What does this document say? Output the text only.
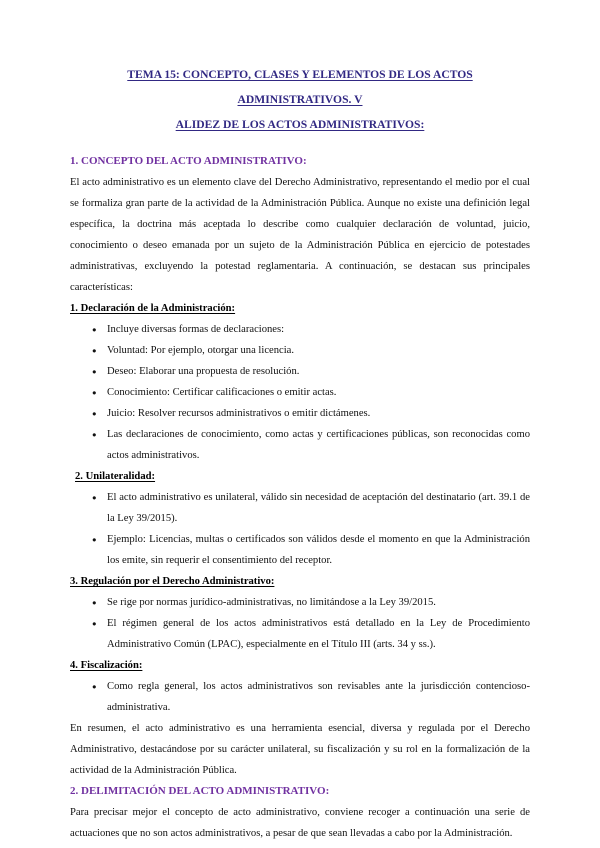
TEMA 15: CONCEPTO, CLASES Y ELEMENTOS DE LOS ACTOS ADMINISTRATIVOS. V
ALIDEZ DE LOS ACTOS ADMINISTRATIVOS:
1. CONCEPTO DEL ACTO ADMINISTRATIVO:

El acto administrativo es un elemento clave del Derecho Administrativo, representando el medio por el cual se formaliza gran parte de la actividad de la Administración Pública. Aunque no existe una definición legal específica, la doctrina más aceptada lo describe como cualquier declaración de voluntad, juicio, conocimiento o deseo emanada por un sujeto de la Administración Pública en ejercicio de potestades administrativas, excluyendo la potestad reglamentaria. A continuación, se destacan sus principales características:

1. Declaración de la Administración:
● Incluye diversas formas de declaraciones:
● Voluntad: Por ejemplo, otorgar una licencia.
● Deseo: Elaborar una propuesta de resolución.
● Conocimiento: Certificar calificaciones o emitir actas.
● Juicio: Resolver recursos administrativos o emitir dictámenes.
● Las declaraciones de conocimiento, como actas y certificaciones públicas, son reconocidas como actos administrativos.
2. Unilateralidad:
● El acto administrativo es unilateral, válido sin necesidad de aceptación del destinatario (art. 39.1 de la Ley 39/2015).
● Ejemplo: Licencias, multas o certificados son válidos desde el momento en que la Administración los emite, sin requerir el consentimiento del receptor.
3. Regulación por el Derecho Administrativo:
● Se rige por normas jurídico-administrativas, no limitándose a la Ley 39/2015.
● El régimen general de los actos administrativos está detallado en la Ley de Procedimiento Administrativo Común (LPAC), especialmente en el Título III (arts. 34 y ss.).
4. Fiscalización:
● Como regla general, los actos administrativos son revisables ante la jurisdicción contencioso-administrativa.

En resumen, el acto administrativo es una herramienta esencial, diversa y regulada por el Derecho Administrativo, destacándose por su carácter unilateral, su fiscalización y su rol en la formalización de la actividad de la Administración Pública.

2. DELIMITACIÓN DEL ACTO ADMINISTRATIVO:

Para precisar mejor el concepto de acto administrativo, conviene recoger a continuación una serie de actuaciones que no son actos administrativos, a pesar de que sean llevadas a cabo por la Administración.
